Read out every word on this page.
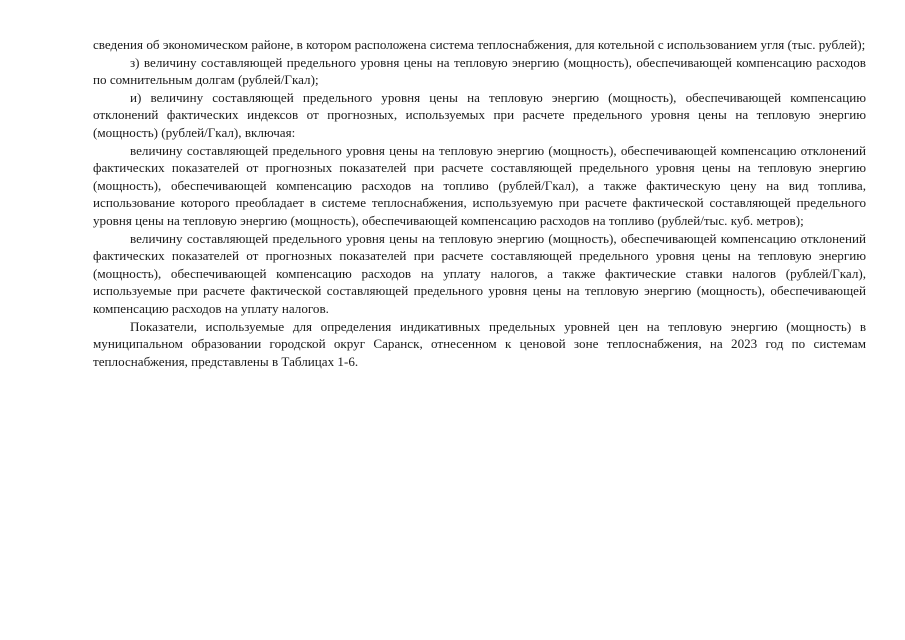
сведения об экономическом районе, в котором расположена система теплоснабжения, для котельной с использованием угля (тыс. рублей);

з) величину составляющей предельного уровня цены на тепловую энергию (мощность), обеспечивающей компенсацию расходов по сомнительным долгам (рублей/Гкал);

и) величину составляющей предельного уровня цены на тепловую энергию (мощность), обеспечивающей компенсацию отклонений фактических индексов от прогнозных, используемых при расчете предельного уровня цены на тепловую энергию (мощность) (рублей/Гкал), включая:

величину составляющей предельного уровня цены на тепловую энергию (мощность), обеспечивающей компенсацию отклонений фактических показателей от прогнозных показателей при расчете составляющей предельного уровня цены на тепловую энергию (мощность), обеспечивающей компенсацию расходов на топливо (рублей/Гкал), а также фактическую цену на вид топлива, использование которого преобладает в системе теплоснабжения, используемую при расчете фактической составляющей предельного уровня цены на тепловую энергию (мощность), обеспечивающей компенсацию расходов на топливо (рублей/тыс. куб. метров);

величину составляющей предельного уровня цены на тепловую энергию (мощность), обеспечивающей компенсацию отклонений фактических показателей от прогнозных показателей при расчете составляющей предельного уровня цены на тепловую энергию (мощность), обеспечивающей компенсацию расходов на уплату налогов, а также фактические ставки налогов (рублей/Гкал), используемые при расчете фактической составляющей предельного уровня цены на тепловую энергию (мощность), обеспечивающей компенсацию расходов на уплату налогов.

Показатели, используемые для определения индикативных предельных уровней цен на тепловую энергию (мощность) в муниципальном образовании городской округ Саранск, отнесенном к ценовой зоне теплоснабжения, на 2023 год по системам теплоснабжения, представлены в Таблицах 1-6.
